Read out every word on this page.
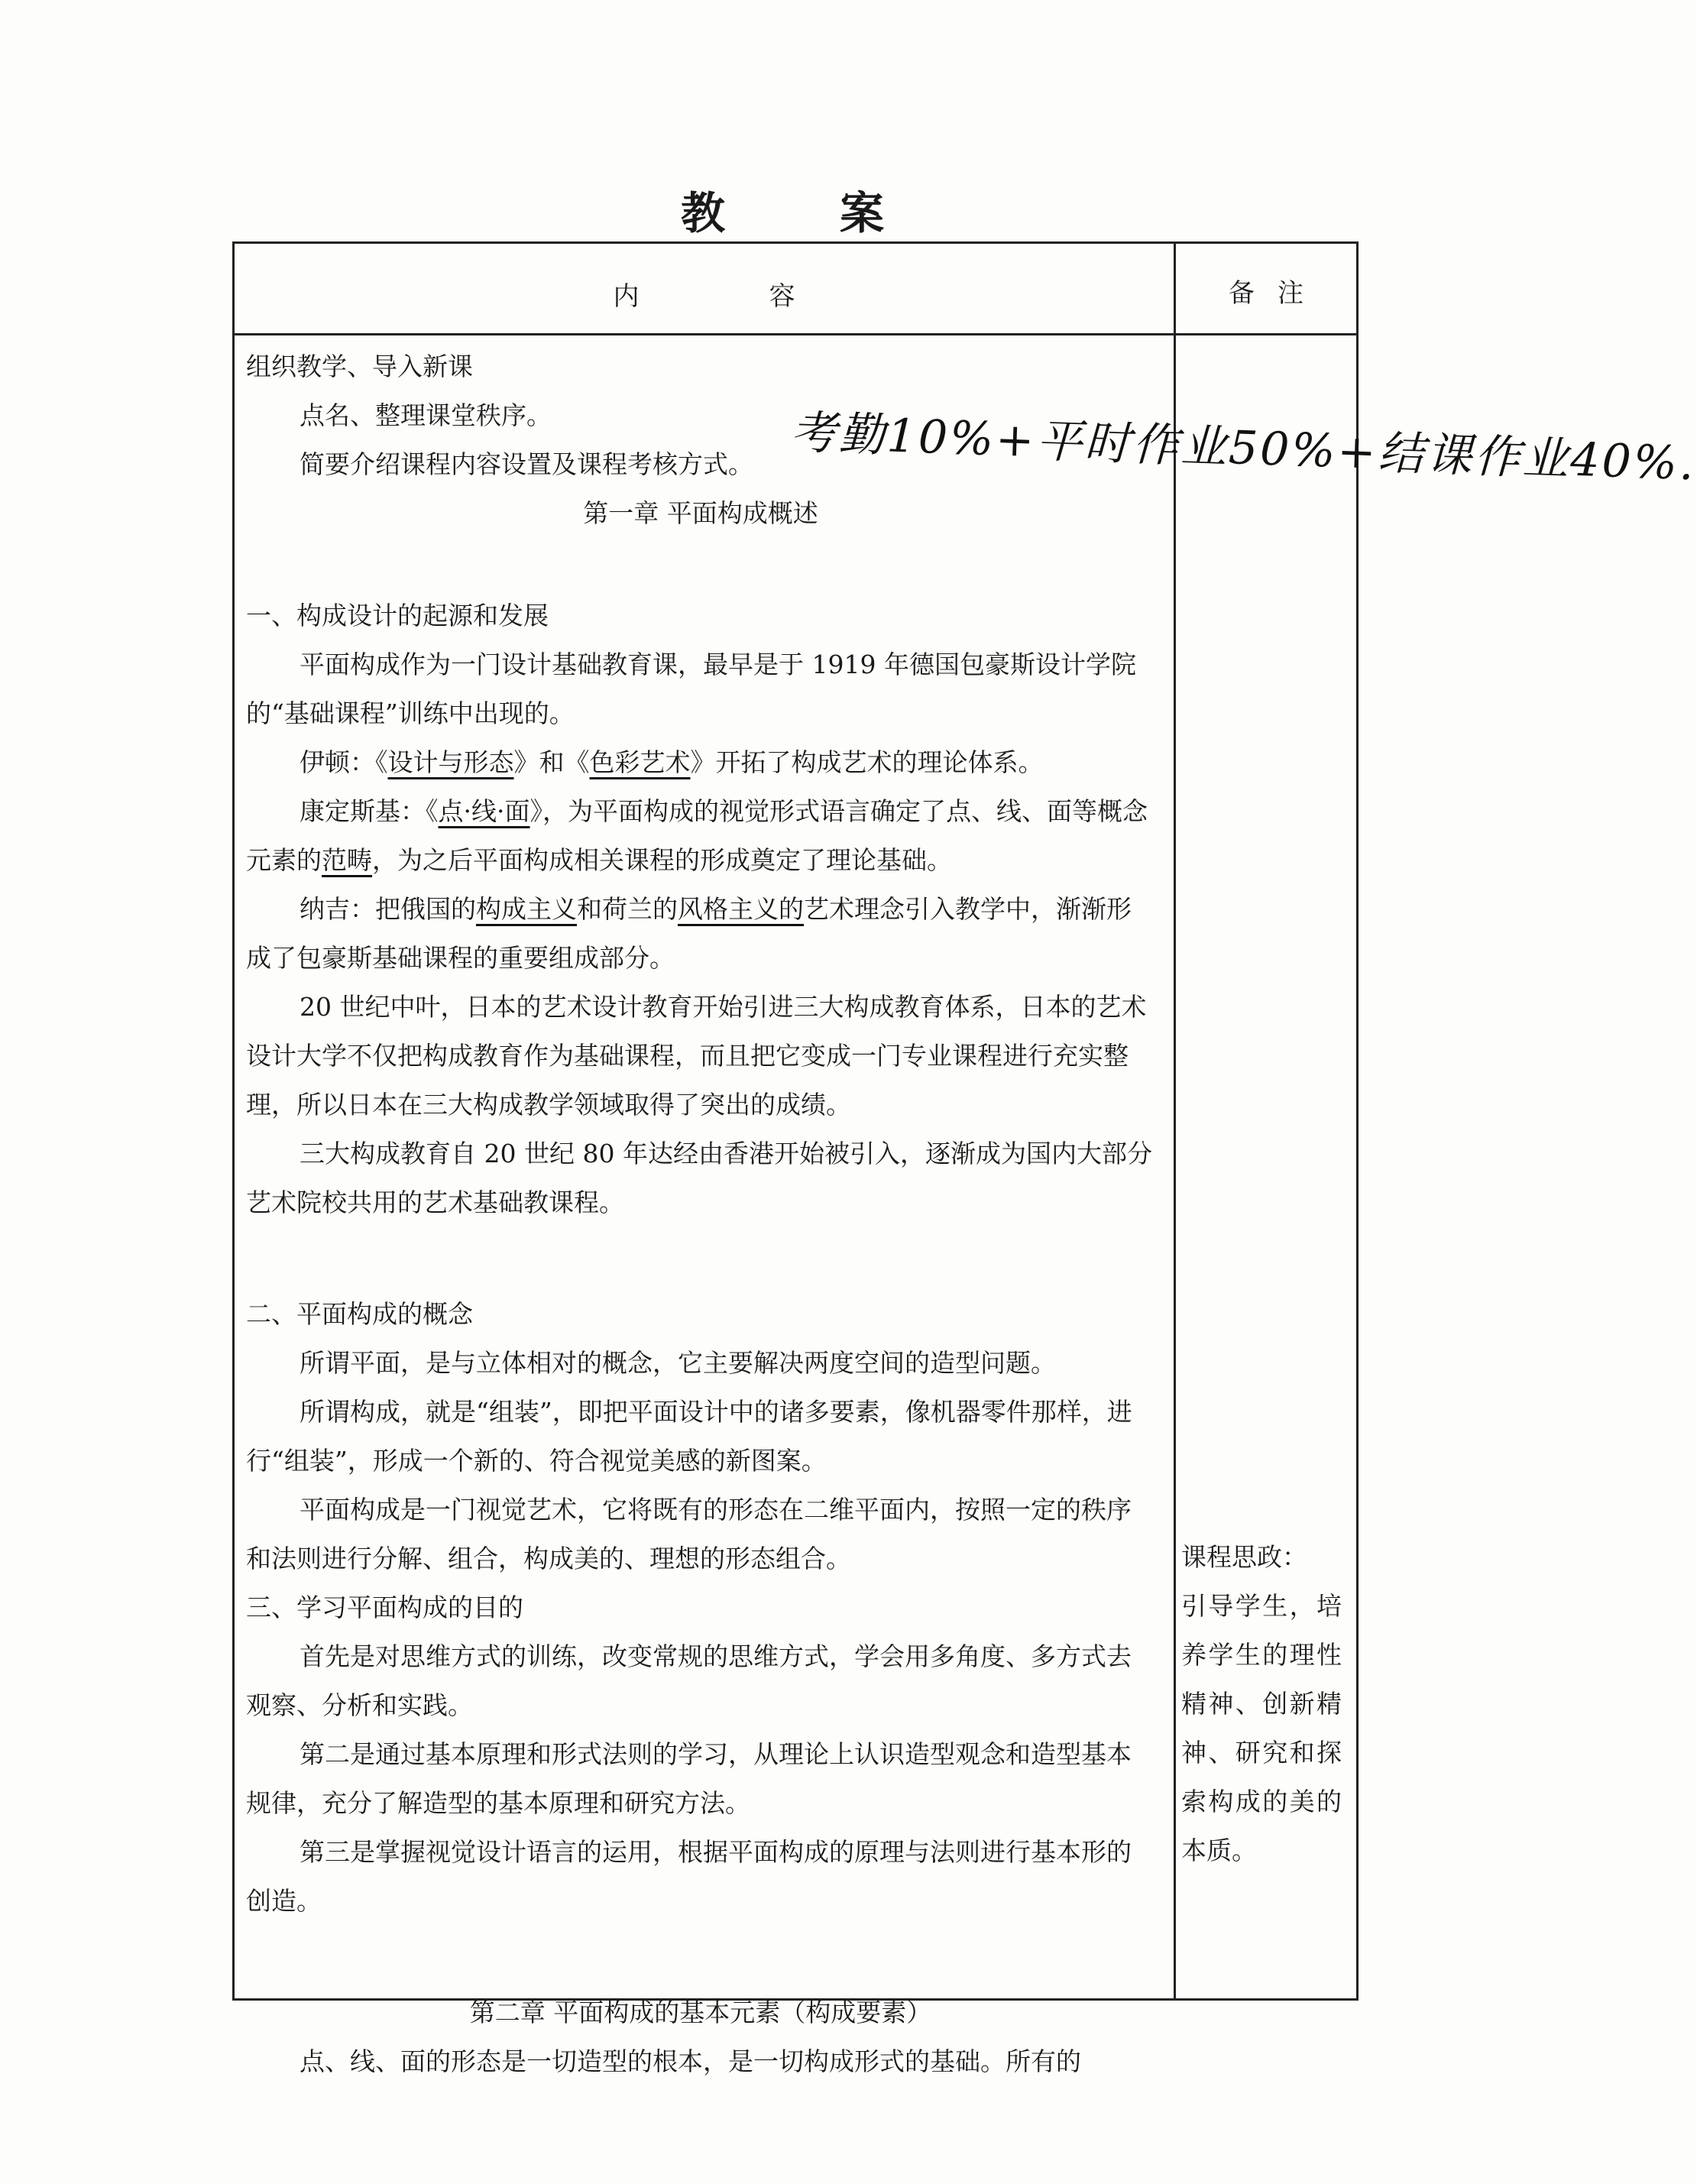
教案
内容	备注

组织教学、导入新课

点名、整理课堂秩序。

简要介绍课程内容设置及课程考核方式。

第一章 平面构成概述

一、构成设计的起源和发展

平面构成作为一门设计基础教育课，最早是于 1919 年德国包豪斯设计学院的“基础课程”训练中出现的。

伊顿：《设计与形态》和《色彩艺术》开拓了构成艺术的理论体系。

康定斯基：《点·线·面》，为平面构成的视觉形式语言确定了点、线、面等概念元素的范畴，为之后平面构成相关课程的形成奠定了理论基础。

纳吉：把俄国的构成主义和荷兰的风格主义的艺术理念引入教学中，渐渐形成了包豪斯基础课程的重要组成部分。

20 世纪中叶，日本的艺术设计教育开始引进三大构成教育体系，日本的艺术设计大学不仅把构成教育作为基础课程，而且把它变成一门专业课程进行充实整理，所以日本在三大构成教学领域取得了突出的成绩。

三大构成教育自 20 世纪 80 年达经由香港开始被引入，逐渐成为国内大部分艺术院校共用的艺术基础教课程。

二、平面构成的概念

所谓平面，是与立体相对的概念，它主要解决两度空间的造型问题。

所谓构成，就是“组装”，即把平面设计中的诸多要素，像机器零件那样，进行“组装”，形成一个新的、符合视觉美感的新图案。

平面构成是一门视觉艺术，它将既有的形态在二维平面内，按照一定的秩序和法则进行分解、组合，构成美的、理想的形态组合。

三、学习平面构成的目的

首先是对思维方式的训练，改变常规的思维方式，学会用多角度、多方式去观察、分析和实践。

第二是通过基本原理和形式法则的学习，从理论上认识造型观念和造型基本规律，充分了解造型的基本原理和研究方法。

第三是掌握视觉设计语言的运用，根据平面构成的原理与法则进行基本形的创造。

第二章 平面构成的基本元素（构成要素）

点、线、面的形态是一切造型的根本，是一切构成形式的基础。所有的

课程思政：

引导学生，培养学生的理性精神、创新精神、研究和探索构成的美的本质。

考勤10%+平时作业50%+结课作业40%.
